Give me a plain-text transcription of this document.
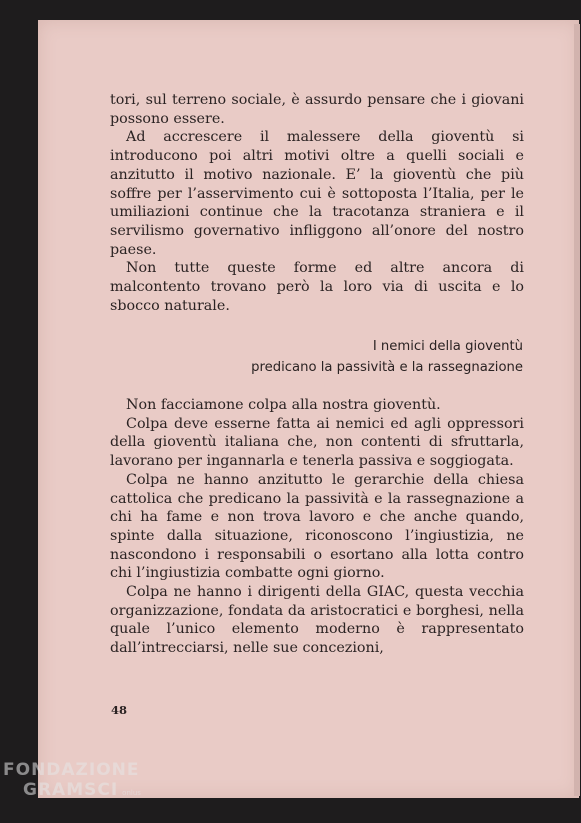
tori, sul terreno sociale, è assurdo pensare che i giovani possono essere.

Ad accrescere il malessere della gioventù si introducono poi altri motivi oltre a quelli sociali e anzitutto il motivo nazionale. E’ la gioventù che più soffre per l’asservimento cui è sottoposta l’Italia, per le umiliazioni continue che la tracotanza straniera e il servilismo governativo infliggono all’onore del nostro paese.

Non tutte queste forme ed altre ancora di malcontento trovano però la loro via di uscita e lo sbocco naturale.

I nemici della gioventù
predicano la passività e la rassegnazione

Non facciamone colpa alla nostra gioventù.

Colpa deve esserne fatta ai nemici ed agli oppressori della gioventù italiana che, non contenti di sfruttarla, lavorano per ingannarla e tenerla passiva e soggiogata.

Colpa ne hanno anzitutto le gerarchie della chiesa cattolica che predicano la passività e la rassegnazione a chi ha fame e non trova lavoro e che anche quando, spinte dalla situazione, riconoscono l’ingiustizia, ne nascondono i responsabili o esortano alla lotta contro chi l’ingiustizia combatte ogni giorno.

Colpa ne hanno i dirigenti della GIAC, questa vecchia organizzazione, fondata da aristocratici e borghesi, nella quale l’unico elemento moderno è rappresentato dall’intrecciarsi, nelle sue concezioni,

48
FONDAZIONE
GRAMSCI onlus
